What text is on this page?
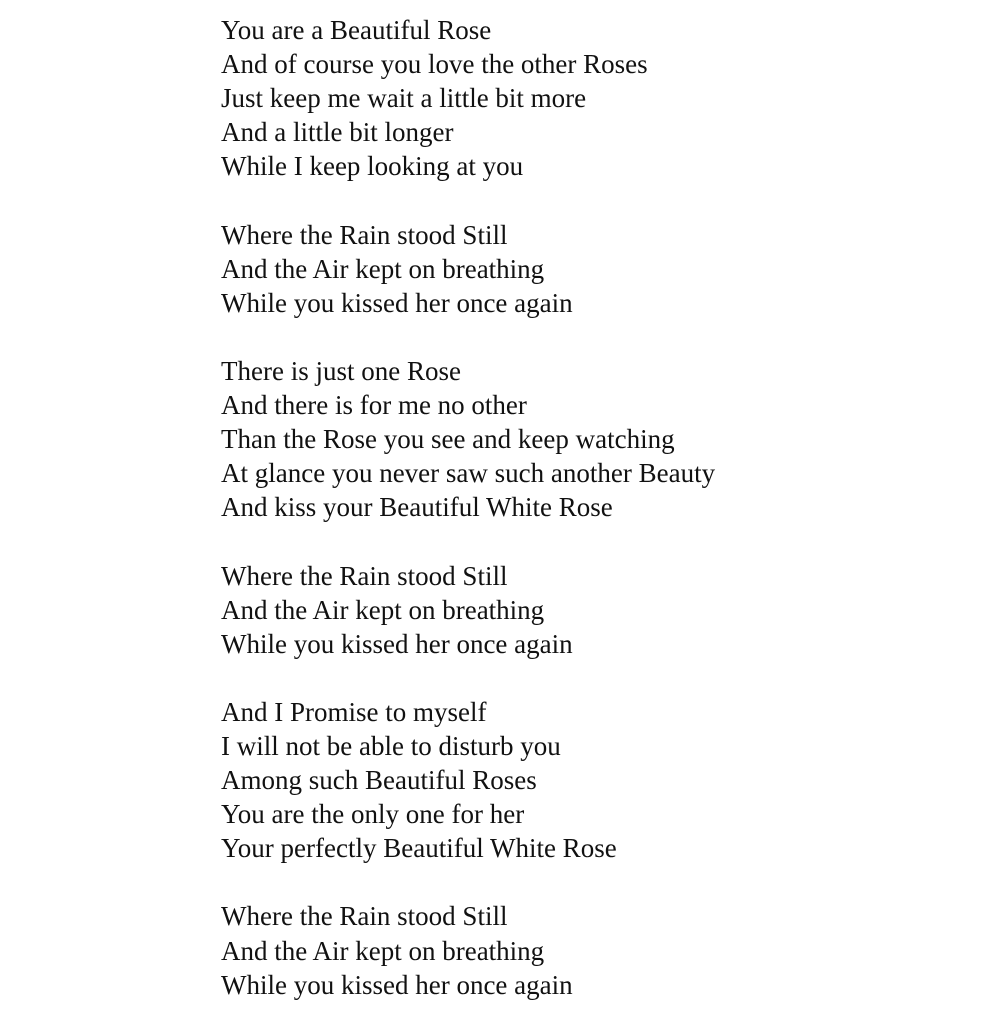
You are a Beautiful Rose
And of course you love the other Roses
Just keep me wait a little bit more
And a little bit longer
While I keep looking at you
Where the Rain stood Still
And the Air kept on breathing
While you kissed her once again
There is just one Rose
And there is for me no other
Than the Rose you see and keep watching
At glance you never saw such another Beauty
And kiss your Beautiful White Rose
Where the Rain stood Still
And the Air kept on breathing
While you kissed her once again
And I Promise to myself
I will not be able to disturb you
Among such Beautiful Roses
You are the only one for her
Your perfectly Beautiful White Rose
Where the Rain stood Still
And the Air kept on breathing
While you kissed her once again
